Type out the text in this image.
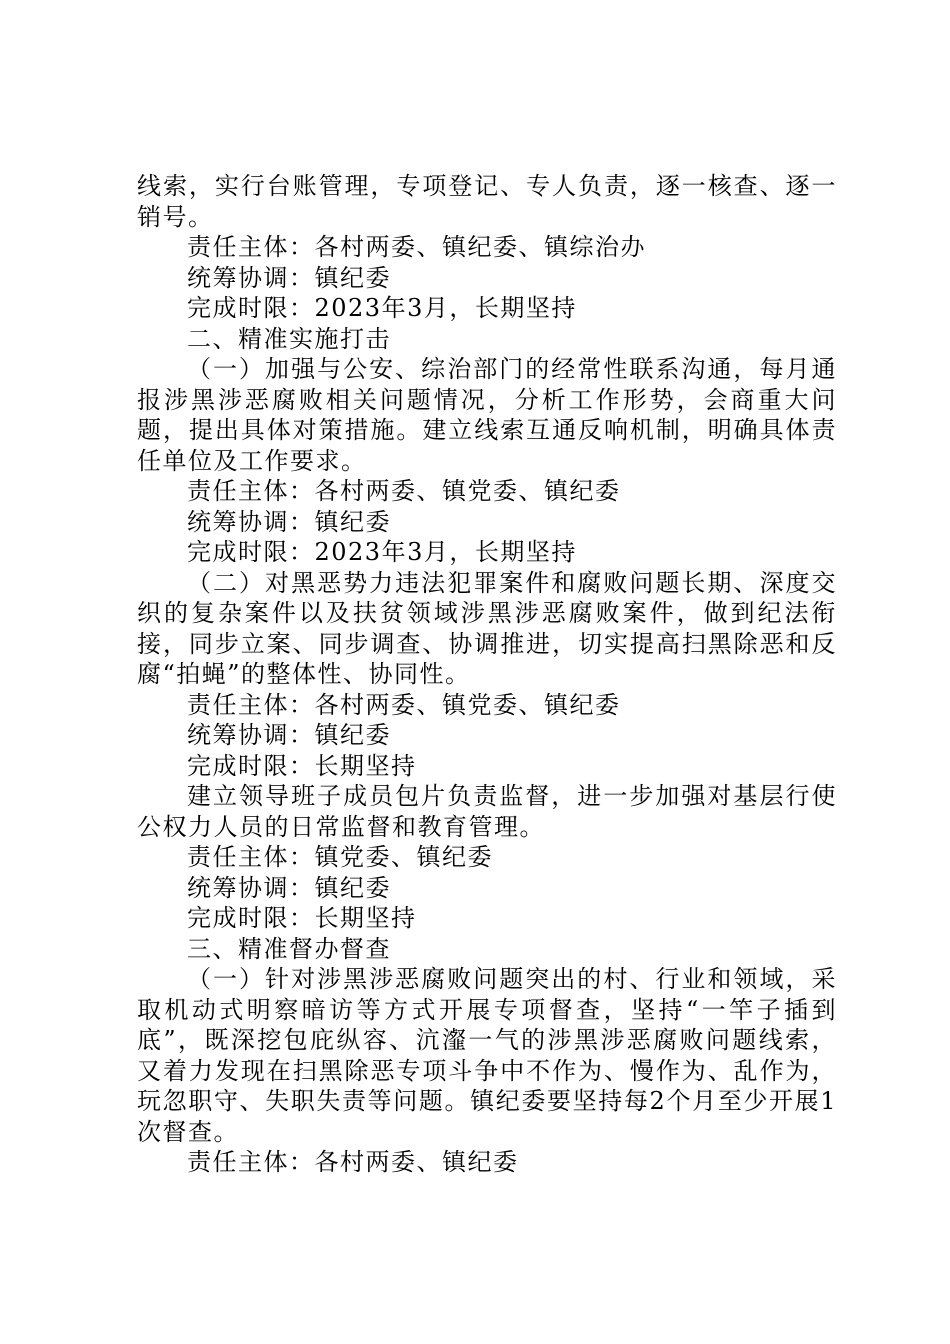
线索，实行台账管理，专项登记、专人负责，逐一核查、逐一销号。

责任主体：各村两委、镇纪委、镇综治办

统筹协调：镇纪委

完成时限：2023年3月，长期坚持

二、精准实施打击

（一）加强与公安、综治部门的经常性联系沟通，每月通报涉黑涉恶腐败相关问题情况，分析工作形势，会商重大问题，提出具体对策措施。建立线索互通反响机制，明确具体责任单位及工作要求。

责任主体：各村两委、镇党委、镇纪委

统筹协调：镇纪委

完成时限：2023年3月，长期坚持

（二）对黑恶势力违法犯罪案件和腐败问题长期、深度交织的复杂案件以及扶贫领域涉黑涉恶腐败案件，做到纪法衔接，同步立案、同步调查、协调推进，切实提高扫黑除恶和反腐“拍蝇”的整体性、协同性。

责任主体：各村两委、镇党委、镇纪委

统筹协调：镇纪委

完成时限：长期坚持

建立领导班子成员包片负责监督，进一步加强对基层行使公权力人员的日常监督和教育管理。

责任主体：镇党委、镇纪委

统筹协调：镇纪委

完成时限：长期坚持

三、精准督办督查

（一）针对涉黑涉恶腐败问题突出的村、行业和领域，采取机动式明察暗访等方式开展专项督查，坚持“一竿子插到底”，既深挖包庇纵容、沆瀣一气的涉黑涉恶腐败问题线索，又着力发现在扫黑除恶专项斗争中不作为、慢作为、乱作为，玩忽职守、失职失责等问题。镇纪委要坚持每2个月至少开展1次督查。

责任主体：各村两委、镇纪委
